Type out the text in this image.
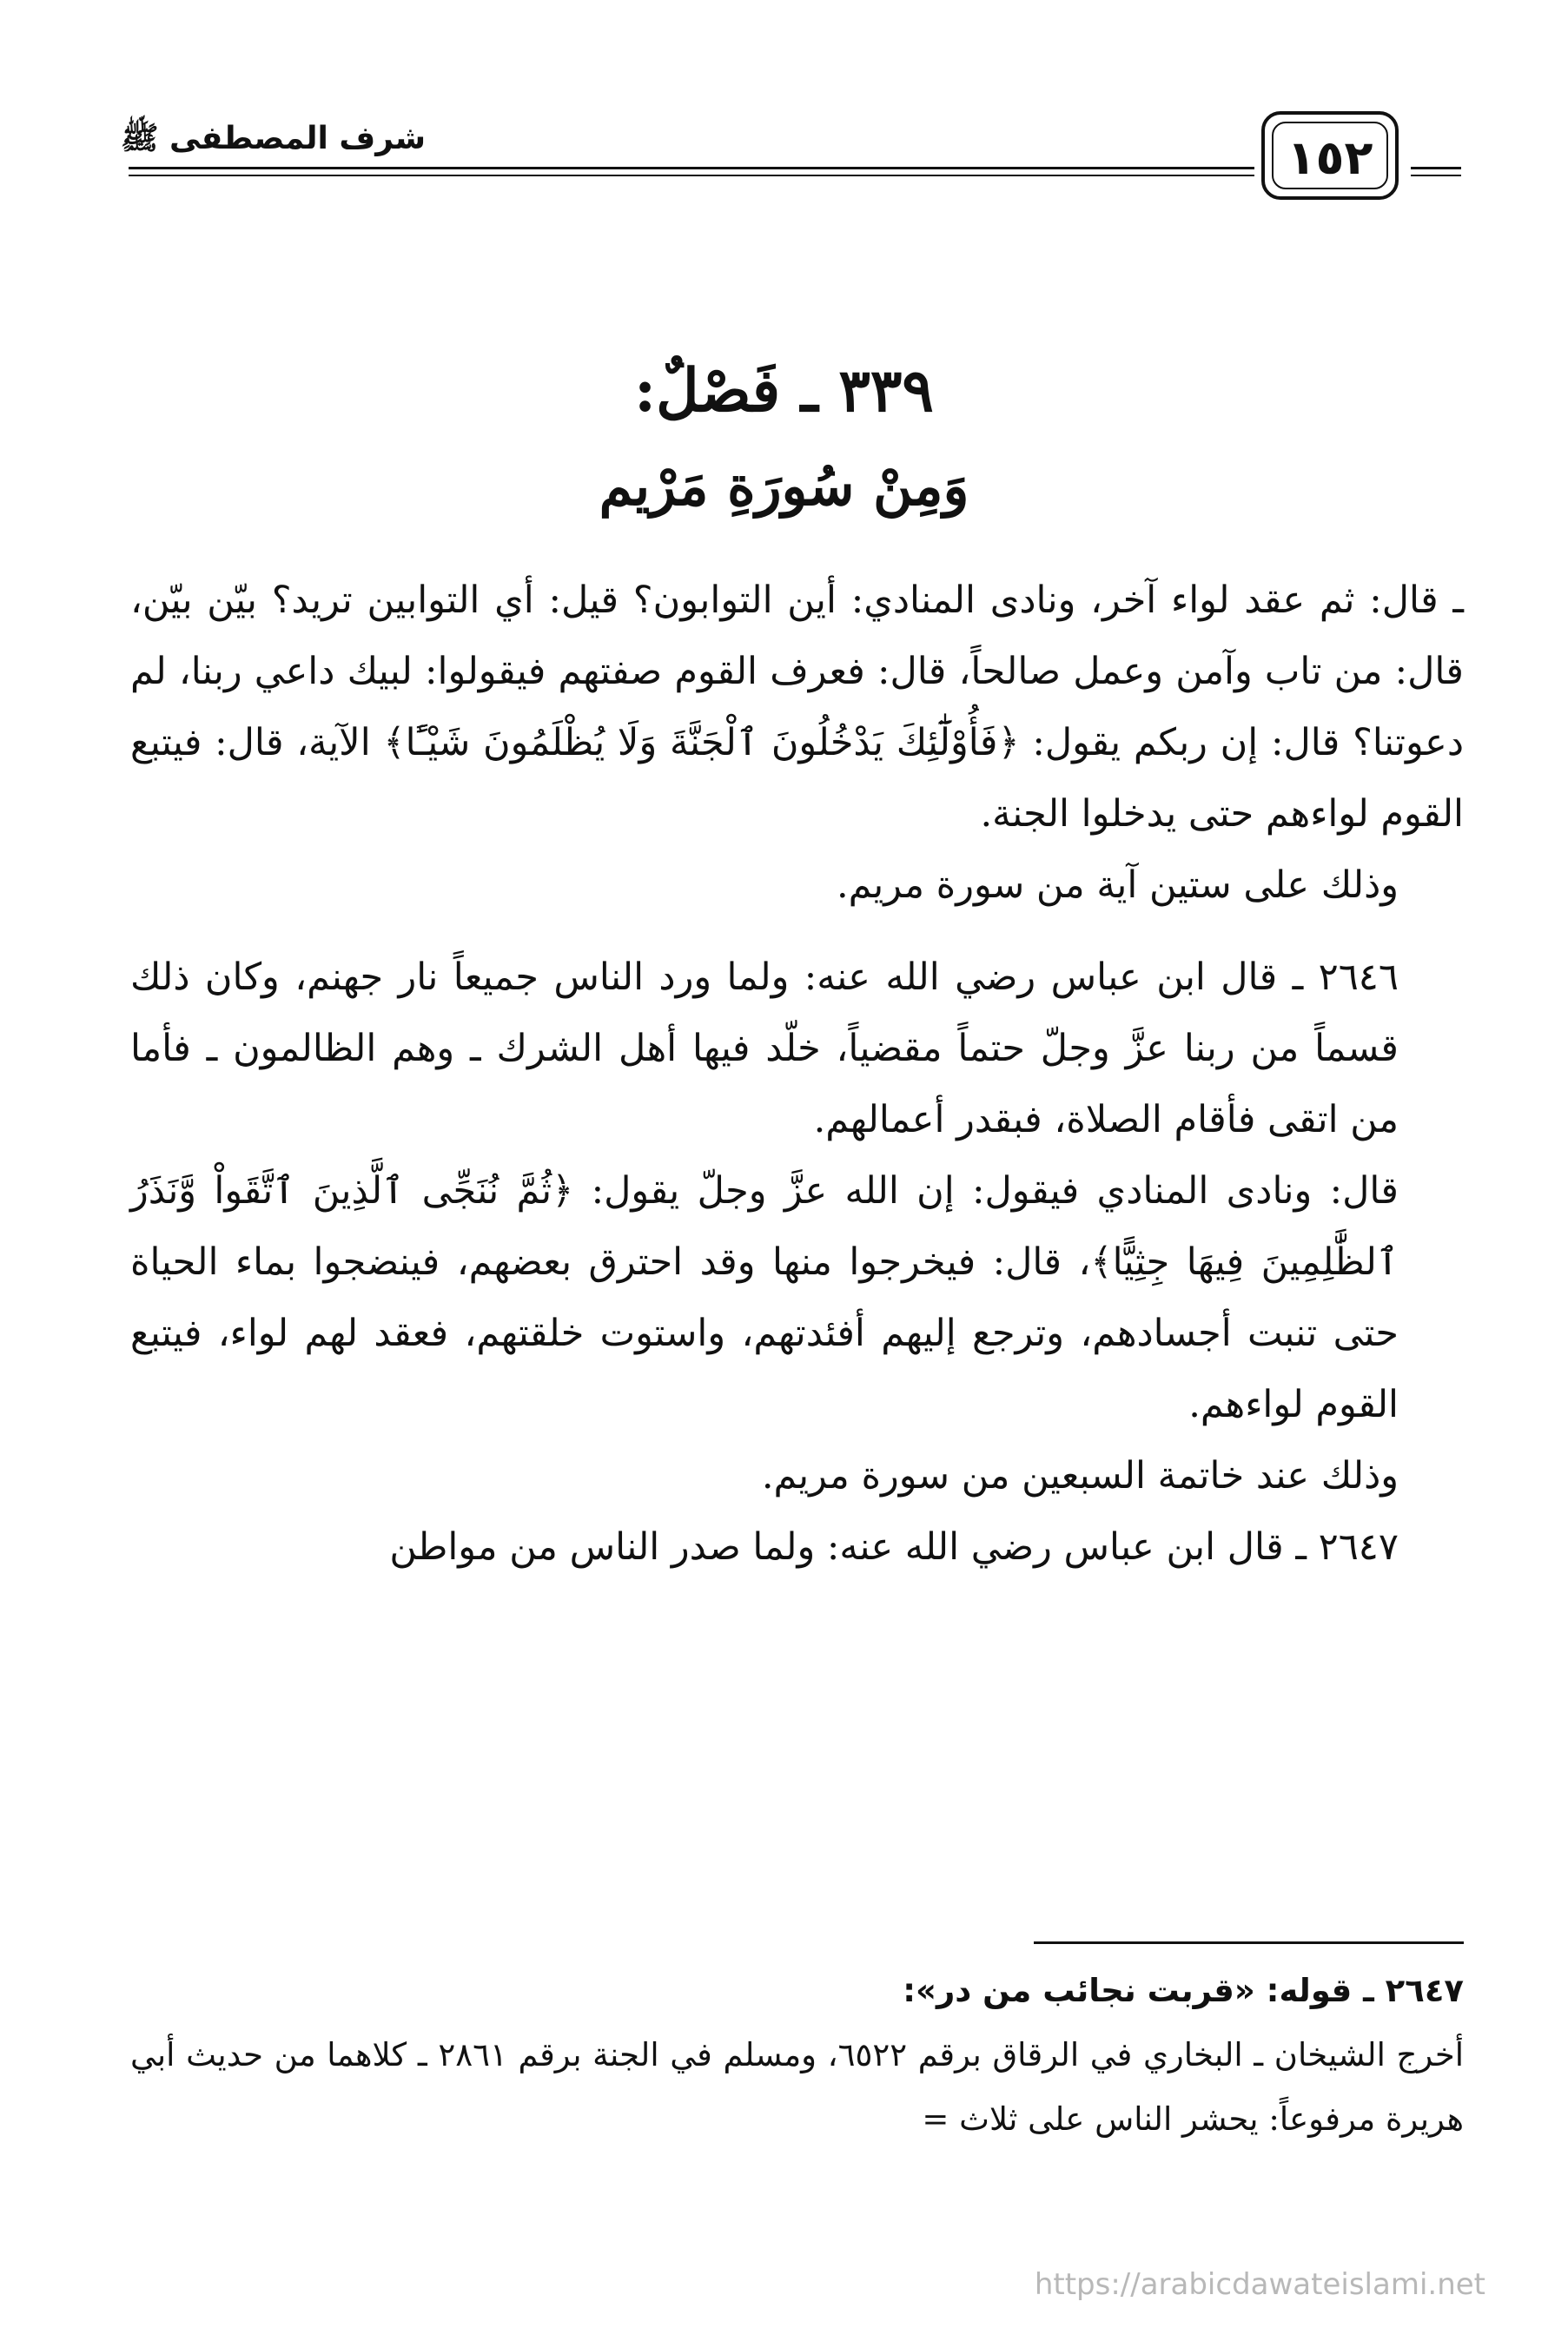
شرف المصطفى ﷺ	١٥٢
٣٣٩ ـ فَصْلٌ:
وَمِنْ سُورَةِ مَرْيم

ـ قال: ثم عقد لواء آخر، ونادى المنادي: أين التوابون؟ قيل: أي التوابين تريد؟ بيّن بيّن، قال: من تاب وآمن وعمل صالحاً، قال: فعرف القوم صفتهم فيقولوا: لبيك داعي ربنا، لم دعوتنا؟ قال: إن ربكم يقول: ﴿فَأُوْلَٰٓئِكَ يَدْخُلُونَ ٱلْجَنَّةَ وَلَا يُظْلَمُونَ شَيْـًٔا﴾ الآية، قال: فيتبع القوم لواءهم حتى يدخلوا الجنة.

وذلك على ستين آية من سورة مريم.

٢٦٤٦ ـ قال ابن عباس رضي الله عنه: ولما ورد الناس جميعاً نار جهنم، وكان ذلك قسماً من ربنا عزَّ وجلّ حتماً مقضياً، خلّد فيها أهل الشرك ـ وهم الظالمون ـ فأما من اتقى فأقام الصلاة، فبقدر أعمالهم.

قال: ونادى المنادي فيقول: إن الله عزَّ وجلّ يقول: ﴿ثُمَّ نُنَجِّى ٱلَّذِينَ ٱتَّقَواْ وَّنَذَرُ ٱلظَّٰلِمِينَ فِيهَا جِثِيًّا﴾، قال: فيخرجوا منها وقد احترق بعضهم، فينضجوا بماء الحياة حتى تنبت أجسادهم، وترجع إليهم أفئدتهم، واستوت خلقتهم، فعقد لهم لواء، فيتبع القوم لواءهم.

وذلك عند خاتمة السبعين من سورة مريم.

٢٦٤٧ ـ قال ابن عباس رضي الله عنه: ولما صدر الناس من مواطن

٢٦٤٧ ـ قوله: «قربت نجائب من در»:

أخرج الشيخان ـ البخاري في الرقاق برقم ٦٥٢٢، ومسلم في الجنة برقم ٢٨٦١ ـ كلاهما من حديث أبي هريرة مرفوعاً: يحشر الناس على ثلاث =

https://arabicdawateislami.net
